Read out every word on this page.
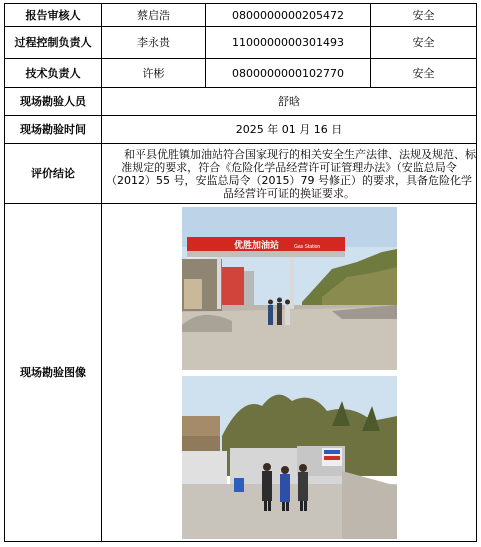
报告审核人	蔡启浩	0800000000205472	安全
过程控制负责人	李永贵	1100000000301493	安全
技术负责人	许彬	0800000000102770	安全
现场勘验人员	舒晗		
现场勘验时间	2025 年 01 月 16 日		
评价结论	和平县优胜镇加油站符合国家现行的相关安全生产法律、法规及规范、标准规定的要求，符合《危险化学品经营许可证管理办法》（安监总局令（2012）55 号，安监总局令（2015）79 号修正）的要求，具备危险化学品经营许可证的换证要求。		
现场勘验图像	优胜加油站 Gas Station		
